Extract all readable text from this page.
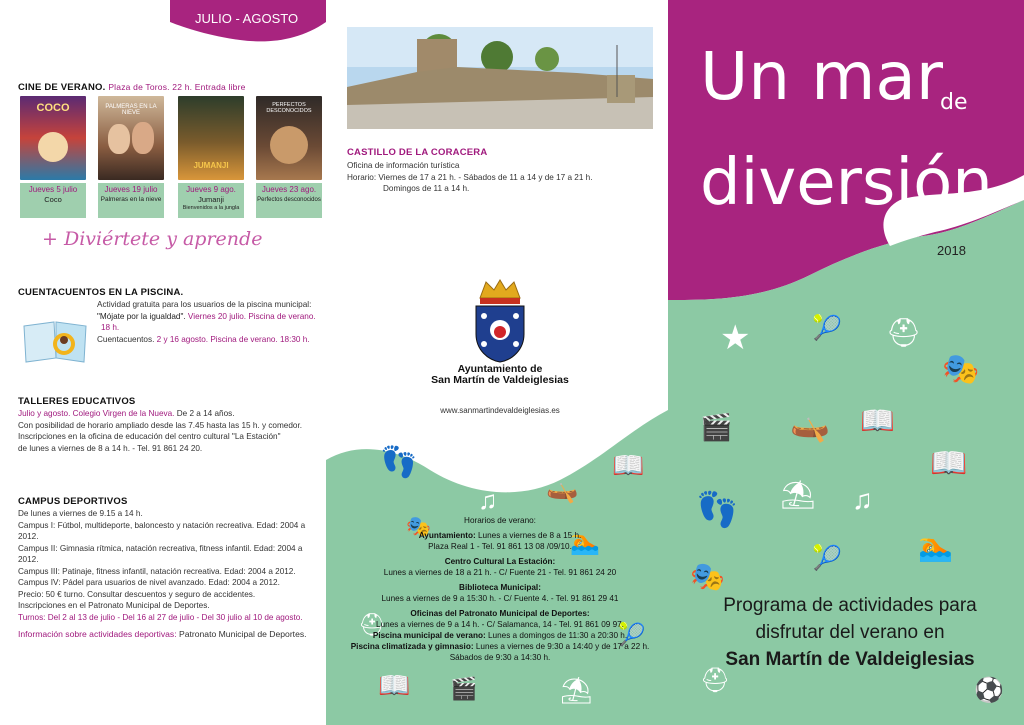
JULIO - AGOSTO
CINE DE VERANO. Plaza de Toros. 22 h. Entrada libre
COCO	PALMERAS EN LA NIEVE
JUMANJI
PERFECTOS DESCONOCIDOS
Jueves 5 julio
Coco
Jueves 19 julio
Palmeras en la nieve
Jueves 9 ago.
Jumanji
Bienvenidos a la jungla
Jueves 23 ago.
Perfectos desconocidos
+ Diviértete y aprende
CUENTACUENTOS EN LA PISCINA.
Actividad gratuita para los usuarios de la piscina municipal:
"Mójate por la igualdad". Viernes 20 julio. Piscina de verano.
18 h.
Cuentacuentos. 2 y 16 agosto. Piscina de verano. 18:30 h.
TALLERES EDUCATIVOS
Julio y agosto. Colegio Virgen de la Nueva. De 2 a 14 años.
Con posibilidad de horario ampliado desde las 7.45 hasta las 15 h. y comedor.
Inscripciones en la oficina de educación del centro cultural "La Estación"
de lunes a viernes de 8 a 14 h. - Tel. 91 861 24 20.
CAMPUS DEPORTIVOS
De lunes a viernes de 9.15 a 14 h.
Campus I: Fútbol, multideporte, baloncesto y natación recreativa. Edad: 2004 a 2012.
Campus II: Gimnasia rítmica, natación recreativa, fitness infantil. Edad: 2004 a 2012.
Campus III: Patinaje, fitness infantil, natación recreativa. Edad: 2004 a 2012.
Campus IV: Pádel para usuarios de nivel avanzado. Edad: 2004 a 2012.
Precio: 50 € turno. Consultar descuentos y seguro de accidentes.
Inscripciones en el Patronato Municipal de Deportes.
Turnos: Del 2 al 13 de julio - Del 16 al 27 de julio - Del 30 julio al 10 de agosto.
Información sobre actividades deportivas: Patronato Municipal de Deportes.
CASTILLO DE LA CORACERA
Oficina de información turística
Horario: Viernes de 17 a 21 h. - Sábados de 11 a 14 y de 17 a 21 h.
Domingos de 11 a 14 h.
Ayuntamiento de
San Martín de Valdeiglesias
www.sanmartindevaldeiglesias.es
👣	📖
♫ 🛶
🎭
🏊
⛑	🎾
📖 🎬	⛱
Horarios de verano:
Ayuntamiento: Lunes a viernes de 8 a 15 h.
Plaza Real 1 - Tel. 91 861 13 08 /09/10.
Centro Cultural La Estación:
Lunes a viernes de 18 a 21 h. - C/ Fuente 21 - Tel. 91 861 24 20
Biblioteca Municipal:
Lunes a viernes de 9 a 15:30 h. - C/ Fuente 4. - Tel. 91 861 29 41
Oficinas del Patronato Municipal de Deportes:
Lunes a viernes de 9 a 14 h. - C/ Salamanca, 14 - Tel. 91 861 09 97.
Piscina municipal de verano: Lunes a domingos de 11:30 a 20:30 h.
Piscina climatizada y gimnasio: Lunes a viernes de 9:30 a 14:40 y de 17 a 22 h.
Sábados de 9:30 a 14:30 h.
Un mar
de
diversión
2018
★	🎾 ⛑
🎭
🎬 🛶 📖
📖
👣 ⛱ ♫
🎾	🏊
🎭
⛑	⚽
Programa de actividades para
disfrutar del verano en
San Martín de Valdeiglesias
